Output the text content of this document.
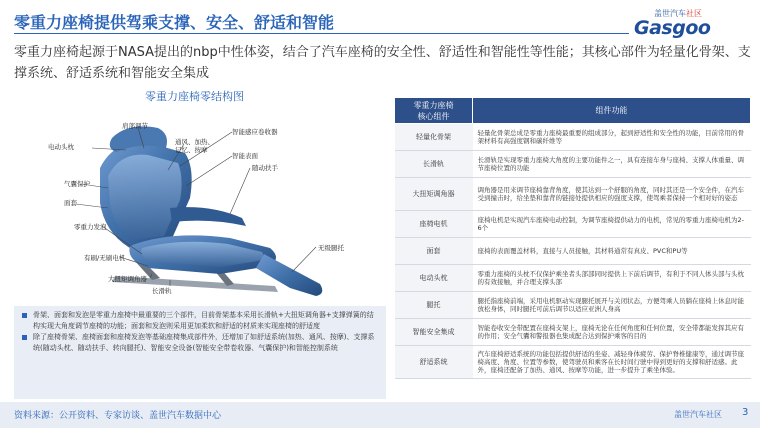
零重力座椅提供驾乘支撑、安全、舒适和智能	盖世汽车社区
Gasgoo
零重力座椅起源于NASA提出的nbp中性体姿，结合了汽车座椅的安全性、舒适性和智能性等性能；其核心部件为轻量化骨架、支撑系统、舒适系统和智能安全集成
零重力座椅零结构图
电动头枕
肩部调节
通风、加热、
记忆、按摩
智能感应卷收器
智能表面
随动扶手
气囊保护
面套
零重力发泡
有刷/无刷电机
大扭矩调角器
长滑轨
无级腿托
骨架、面套和发泡是零重力座椅中最重要的三个部件，目前骨架基本采用长滑轨+大扭矩调角器+支撑弹簧的结构实现大角度调节座椅的功能；面套和发泡则采用更加柔软和舒适的材质来实现座椅的舒适度
除了座椅骨架、座椅面套和座椅发泡等基础座椅集成部件外，还增加了如舒适系统(加热、通风、按摩)、支撑系统(随动头枕、随动扶手、转向腿托)、智能安全设备(智能安全带卷收器、气囊保护)和智能控制系统
零重力座椅
核心组件	组件功能
轻量化骨架	轻量化骨架总成是零重力座椅最重要的组成部分，起到舒适性和安全性的功能，目前常用的骨架材料有高强度钢和碳纤维等
长滑轨	长滑轨是实现零重力座椅大角度的主要功能件之一，具有连接车身与座椅、支撑人体重量、调节座椅位置的功能
大扭矩调角器	调角器是用来调节座椅靠背角度，使其达到一个舒服的角度，同时其还是一个安全件，在汽车受到撞击时，给坐垫和靠背的链接处提供相应的强度支撑，使驾乘者保持一个相对好的姿态
座椅电机	座椅电机是实现汽车座椅电动控制，为调节座椅提供动力的电机，常见的零重力座椅电机为2-6个
面套	座椅的表面覆盖材料，直接与人员接触，其材料通常有真皮、PVC和PU等
电动头枕	零重力座椅的头枕不仅保护乘坐者头部部同时提供上下前后调节，有利于不同人体头部与头枕的有效接触，并合理支撑头部
腿托	腿托指座椅前端，采用电机驱动实现腿托展开与关闭状态，方便驾乘人员躺在座椅上休息时能放松身体，同时腿托可前后调节以适应亚洲人身高
智能安全集成	智能卷收安全带配置在座椅支架上，座椅无论在任何角度和任何位置，安全带都能发挥其应有的作用；安全气囊和警报器也集成配合达到保护乘客的目的
舒适系统	汽车座椅舒适系统的功能包括提供舒适的坐姿、减轻身体疲劳、保护脊椎健康等，通过调节座椅高度、角度、位置等参数，使驾驶员和乘客在长时间行驶中得到更好的支撑和舒适感。此外，座椅还配备了加热、通风、按摩等功能，进一步提升了乘坐体验。
资料来源：公开资料、专家访谈、盖世汽车数据中心	盖世汽车社区 3
